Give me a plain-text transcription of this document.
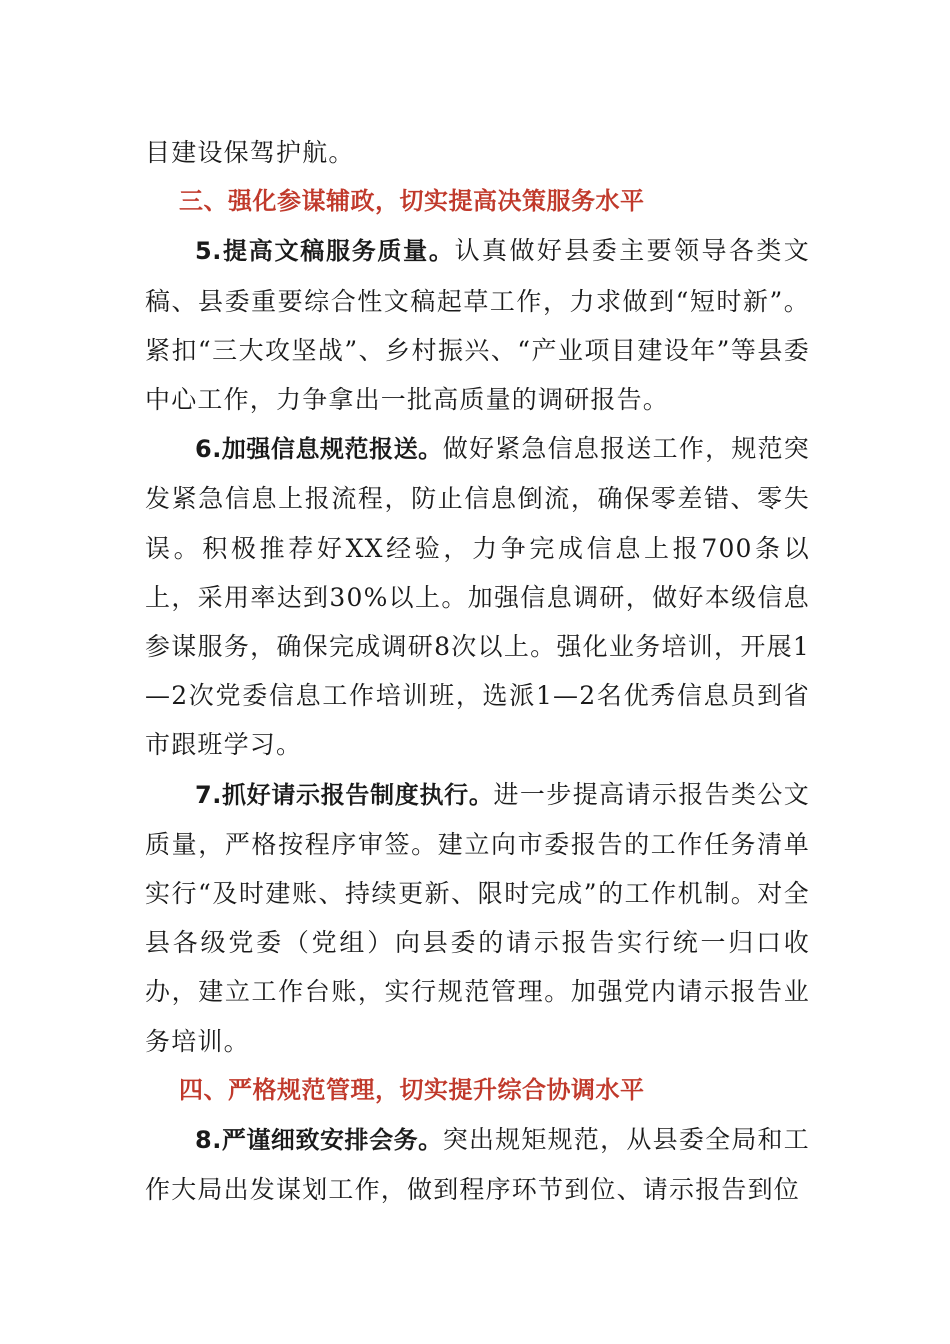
目建设保驾护航。

三、强化参谋辅政，切实提高决策服务水平

5.提高文稿服务质量。认真做好县委主要领导各类文稿、县委重要综合性文稿起草工作，力求做到“短时新”。紧扣“三大攻坚战”、乡村振兴、“产业项目建设年”等县委中心工作，力争拿出一批高质量的调研报告。

6.加强信息规范报送。做好紧急信息报送工作，规范突发紧急信息上报流程，防止信息倒流，确保零差错、零失误。积极推荐好XX经验，力争完成信息上报700条以上，采用率达到30%以上。加强信息调研，做好本级信息参谋服务，确保完成调研8次以上。强化业务培训，开展1—2次党委信息工作培训班，选派1—2名优秀信息员到省市跟班学习。

7.抓好请示报告制度执行。进一步提高请示报告类公文质量，严格按程序审签。建立向市委报告的工作任务清单实行“及时建账、持续更新、限时完成”的工作机制。对全县各级党委（党组）向县委的请示报告实行统一归口收办，建立工作台账，实行规范管理。加强党内请示报告业务培训。

四、严格规范管理，切实提升综合协调水平

8.严谨细致安排会务。突出规矩规范，从县委全局和工作大局出发谋划工作，做到程序环节到位、请示报告到位
